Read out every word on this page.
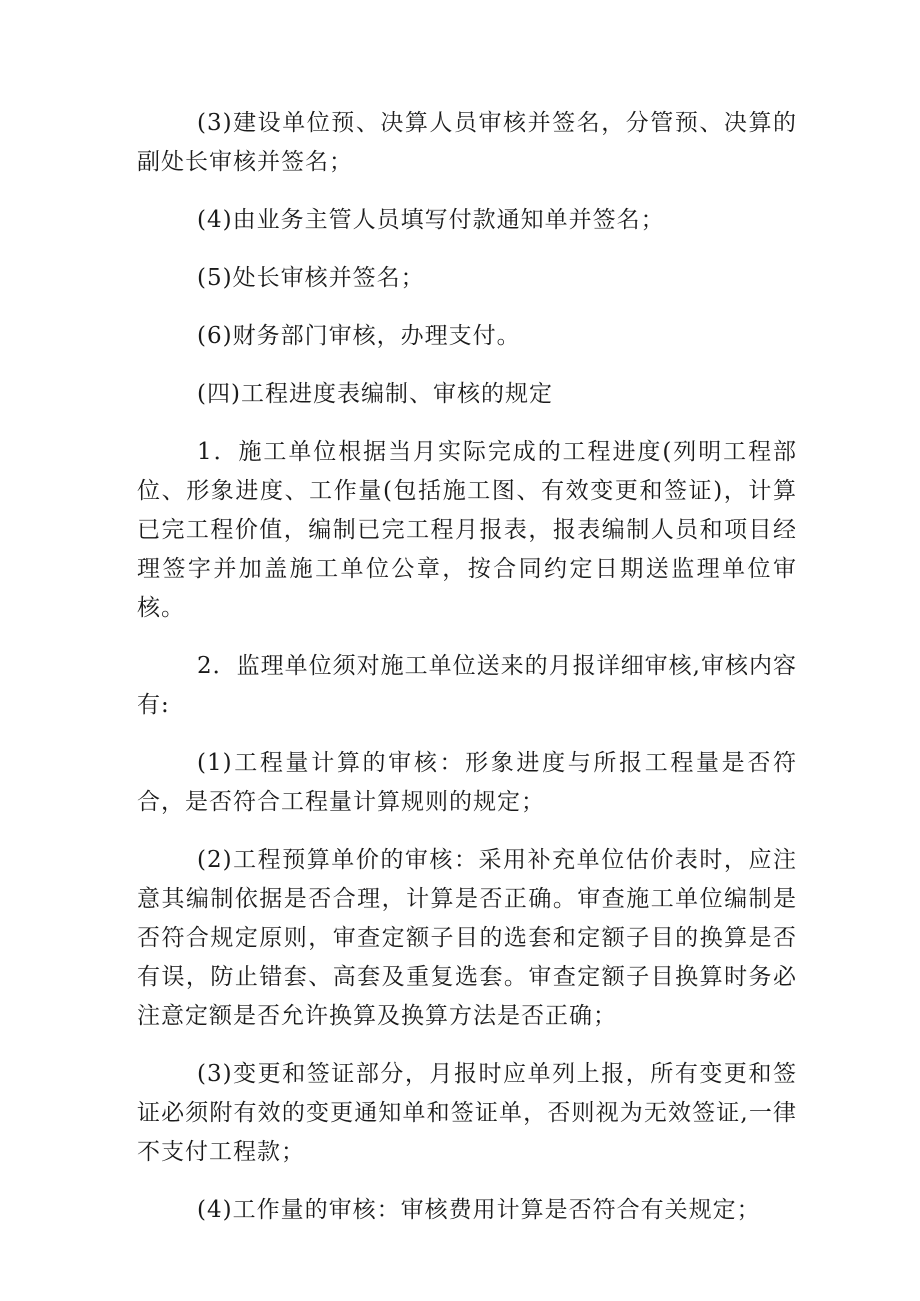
(3)建设单位预、决算人员审核并签名，分管预、决算的副处长审核并签名；

(4)由业务主管人员填写付款通知单并签名；

(5)处长审核并签名；

(6)财务部门审核，办理支付。

(四)工程进度表编制、审核的规定

1．施工单位根据当月实际完成的工程进度(列明工程部位、形象进度、工作量(包括施工图、有效变更和签证)，计算已完工程价值，编制已完工程月报表，报表编制人员和项目经理签字并加盖施工单位公章，按合同约定日期送监理单位审核。

2．监理单位须对施工单位送来的月报详细审核,审核内容有:

(1)工程量计算的审核：形象进度与所报工程量是否符合，是否符合工程量计算规则的规定；

(2)工程预算单价的审核：采用补充单位估价表时，应注意其编制依据是否合理，计算是否正确。审查施工单位编制是否符合规定原则，审查定额子目的选套和定额子目的换算是否有误，防止错套、高套及重复选套。审查定额子目换算时务必注意定额是否允许换算及换算方法是否正确；

(3)变更和签证部分，月报时应单列上报，所有变更和签证必须附有效的变更通知单和签证单，否则视为无效签证,一律不支付工程款；

(4)工作量的审核：审核费用计算是否符合有关规定；
